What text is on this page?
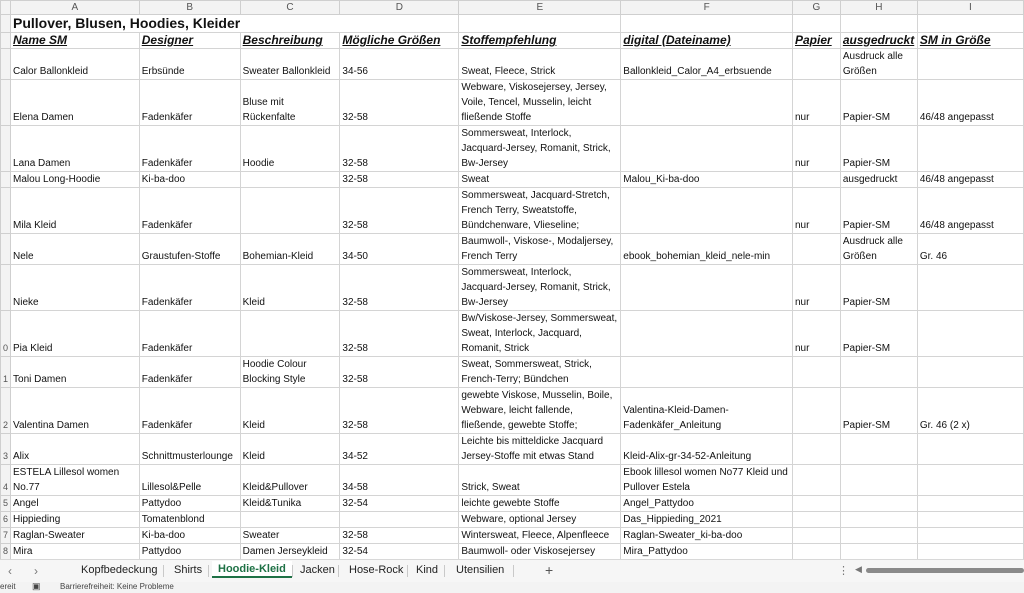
	A	B	C	D	E	F	G	H	I
	Pullover, Blusen, Hoodies, Kleider								
	Name SM	Designer	Beschreibung	Mögliche Größen	Stoffempfehlung	digital (Dateiname)	Papier	ausgedruckt	SM in Größe
	Calor Ballonkleid	Erbsünde	Sweater Ballonkleid	34-56	Sweat, Fleece, Strick	Ballonkleid_Calor_A4_erbsuende		Ausdruck alle Größen	
	Elena Damen	Fadenkäfer	Bluse mit Rückenfalte	32-58	Webware, Viskosejersey, Jersey, Voile, Tencel, Musselin, leicht fließende Stoffe		nur	Papier-SM	46/48 angepasst
	Lana Damen	Fadenkäfer	Hoodie	32-58	Sommersweat, Interlock, Jacquard-Jersey, Romanit, Strick, Bw-Jersey		nur	Papier-SM	
	Malou Long-Hoodie	Ki-ba-doo		32-58	Sweat	Malou_Ki-ba-doo		ausgedruckt	46/48 angepasst
	Mila Kleid	Fadenkäfer		32-58	Sommersweat, Jacquard-Stretch, French Terry, Sweatstoffe, Bündchenware, Vlieseline;		nur	Papier-SM	46/48 angepasst
	Nele	Graustufen-Stoffe	Bohemian-Kleid	34-50	Baumwoll-, Viskose-, Modaljersey, French Terry	ebook_bohemian_kleid_nele-min		Ausdruck alle Größen	Gr. 46
	Nieke	Fadenkäfer	Kleid	32-58	Sommersweat, Interlock, Jacquard-Jersey, Romanit, Strick, Bw-Jersey		nur	Papier-SM	
0	Pia Kleid	Fadenkäfer		32-58	Bw/Viskose-Jersey, Sommersweat, Sweat, Interlock, Jacquard, Romanit, Strick		nur	Papier-SM	
1	Toni Damen	Fadenkäfer	Hoodie Colour Blocking Style	32-58	Sweat, Sommersweat, Strick, French-Terry; Bündchen				
2	Valentina Damen	Fadenkäfer	Kleid	32-58	gewebte Viskose, Musselin, Boile, Webware, leicht fallende, fließende, gewebte Stoffe;	Valentina-Kleid-Damen-Fadenkäfer_Anleitung		Papier-SM	Gr. 46 (2 x)
3	Alix	Schnittmusterlounge	Kleid	34-52	Leichte bis mitteldicke Jacquard Jersey-Stoffe mit etwas Stand	Kleid-Alix-gr-34-52-Anleitung			
4	ESTELA Lillesol women No.77	Lillesol&Pelle	Kleid&Pullover	34-58	Strick, Sweat	Ebook lillesol women No77 Kleid und Pullover Estela			
5	Angel	Pattydoo	Kleid&Tunika	32-54	leichte gewebte Stoffe	Angel_Pattydoo			
6	Hippieding	Tomatenblond			Webware, optional Jersey	Das_Hippieding_2021			
7	Raglan-Sweater	Ki-ba-doo	Sweater	32-58	Wintersweat, Fleece, Alpenfleece	Raglan-Sweater_ki-ba-doo			
8	Mira	Pattydoo	Damen Jerseykleid	32-54	Baumwoll- oder Viskosejersey	Mira_Pattydoo			
‹ ›	Kopfbedeckung	Shirts	Hoodie-Kleid	Jacken	Hose-Rock	Kind	Utensilien	+	⋮ ◀
ereit ▣ Barrierefreiheit: Keine Probleme
